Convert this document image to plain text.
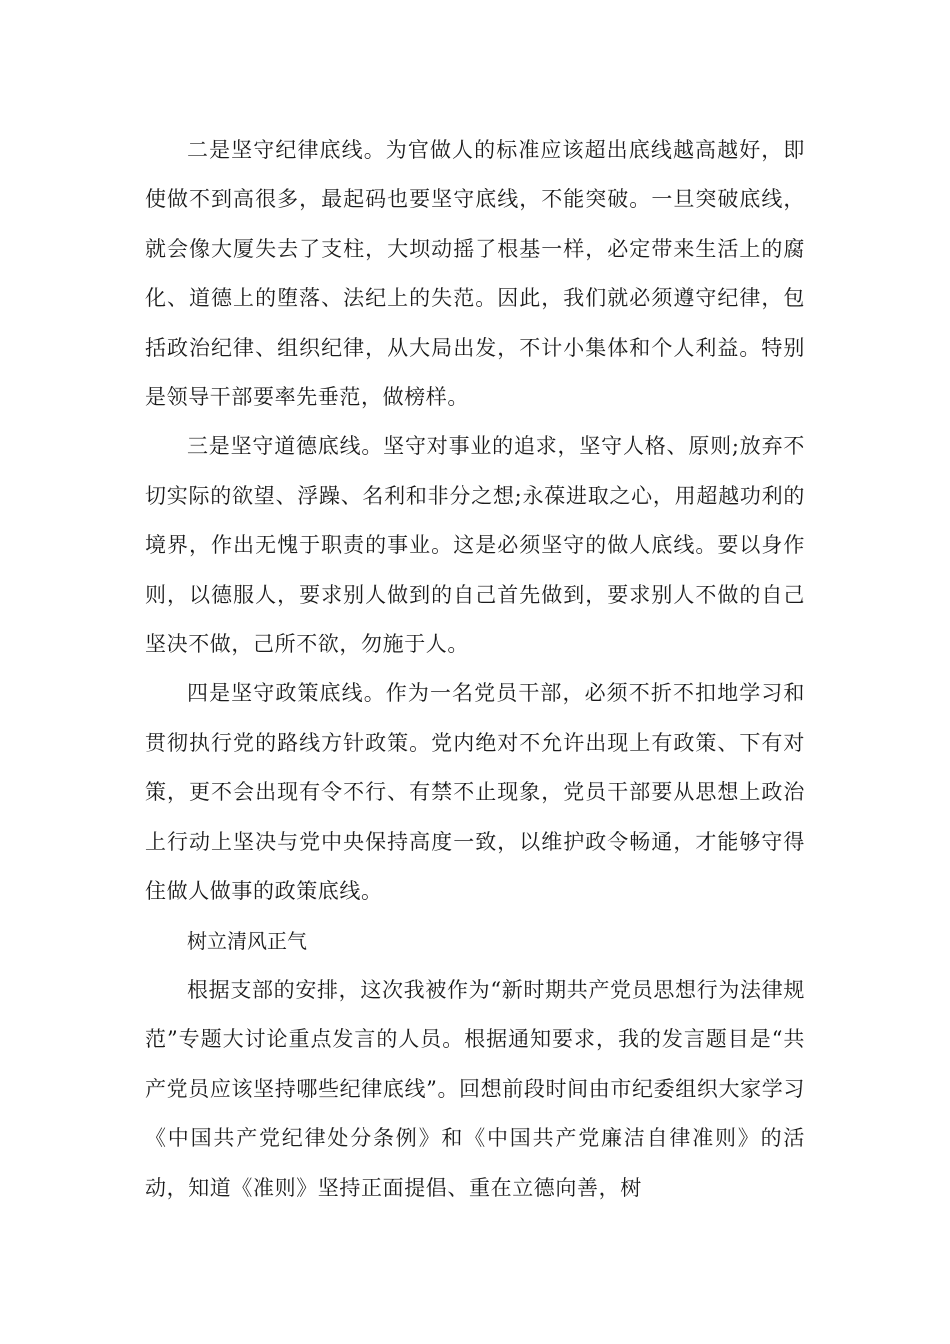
二是坚守纪律底线。为官做人的标准应该超出底线越高越好，即使做不到高很多，最起码也要坚守底线，不能突破。一旦突破底线，就会像大厦失去了支柱，大坝动摇了根基一样，必定带来生活上的腐化、道德上的堕落、法纪上的失范。因此，我们就必须遵守纪律，包括政治纪律、组织纪律，从大局出发，不计小集体和个人利益。特别是领导干部要率先垂范，做榜样。

三是坚守道德底线。坚守对事业的追求，坚守人格、原则;放弃不切实际的欲望、浮躁、名利和非分之想;永葆进取之心，用超越功利的境界，作出无愧于职责的事业。这是必须坚守的做人底线。要以身作则，以德服人，要求别人做到的自己首先做到，要求别人不做的自己坚决不做，己所不欲，勿施于人。

四是坚守政策底线。作为一名党员干部，必须不折不扣地学习和贯彻执行党的路线方针政策。党内绝对不允许出现上有政策、下有对策，更不会出现有令不行、有禁不止现象，党员干部要从思想上政治上行动上坚决与党中央保持高度一致，以维护政令畅通，才能够守得住做人做事的政策底线。

树立清风正气

根据支部的安排，这次我被作为“新时期共产党员思想行为法律规范”专题大讨论重点发言的人员。根据通知要求，我的发言题目是“共产党员应该坚持哪些纪律底线”。回想前段时间由市纪委组织大家学习《中国共产党纪律处分条例》和《中国共产党廉洁自律准则》的活动，知道《准则》坚持正面提倡、重在立德向善，树
